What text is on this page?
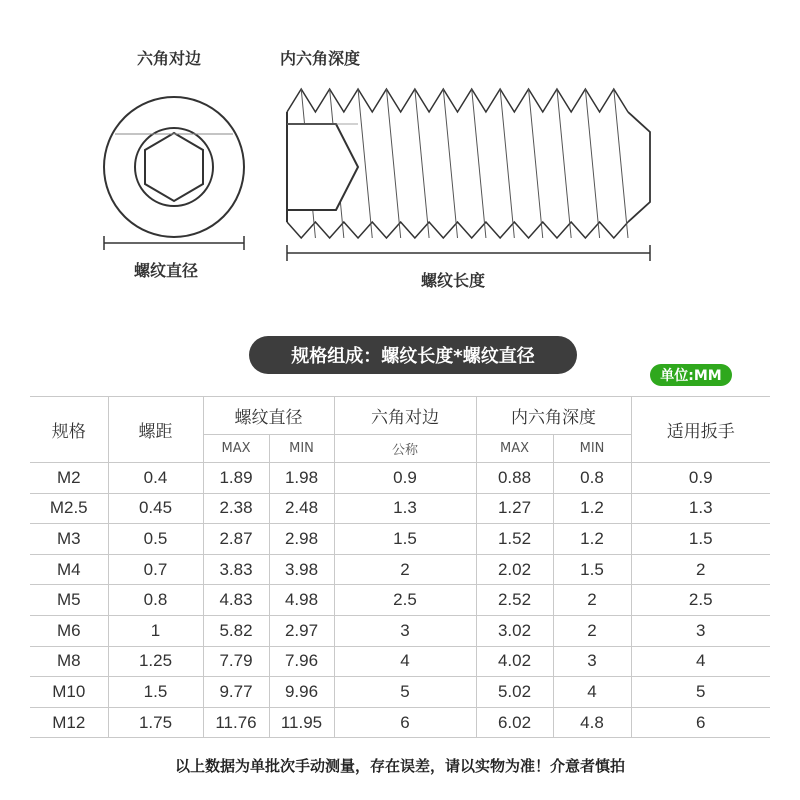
六角对边	内六角深度
螺纹直径
螺纹长度
规格组成：螺纹长度*螺纹直径
单位:MM
规格	螺距	螺纹直径		六角对边	内六角深度		适用扳手
		MAX	MIN	公称	MAX	MIN	
M2	0.4	1.89	1.98	0.9	0.88	0.8	0.9
M2.5	0.45	2.38	2.48	1.3	1.27	1.2	1.3
M3	0.5	2.87	2.98	1.5	1.52	1.2	1.5
M4	0.7	3.83	3.98	2	2.02	1.5	2
M5	0.8	4.83	4.98	2.5	2.52	2	2.5
M6	1	5.82	2.97	3	3.02	2	3
M8	1.25	7.79	7.96	4	4.02	3	4
M10	1.5	9.77	9.96	5	5.02	4	5
M12	1.75	11.76	11.95	6	6.02	4.8	6
以上数据为单批次手动测量，存在误差，请以实物为准！介意者慎拍
